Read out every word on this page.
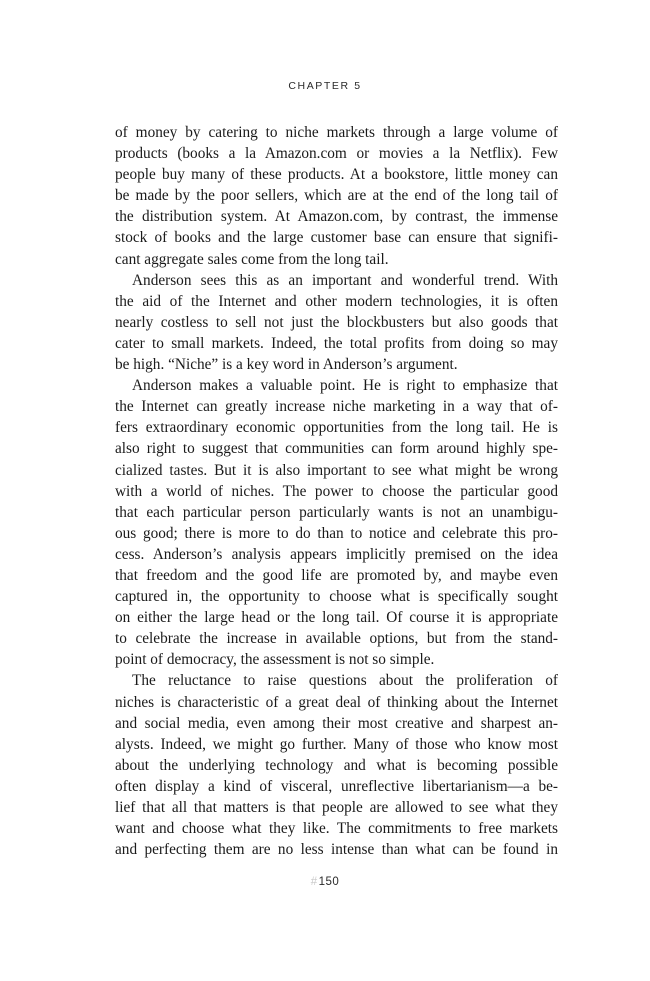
CHAPTER 5
of money by catering to niche markets through a large volume of
products (books a la Amazon.com or movies a la Netflix). Few
people buy many of these products. At a bookstore, little money can
be made by the poor sellers, which are at the end of the long tail of
the distribution system. At Amazon.com, by contrast, the immense
stock of books and the large customer base can ensure that signifi-
cant aggregate sales come from the long tail.
Anderson sees this as an important and wonderful trend. With
the aid of the Internet and other modern technologies, it is often
nearly costless to sell not just the blockbusters but also goods that
cater to small markets. Indeed, the total profits from doing so may
be high. “Niche” is a key word in Anderson’s argument.
Anderson makes a valuable point. He is right to emphasize that
the Internet can greatly increase niche marketing in a way that of-
fers extraordinary economic opportunities from the long tail. He is
also right to suggest that communities can form around highly spe-
cialized tastes. But it is also important to see what might be wrong
with a world of niches. The power to choose the particular good
that each particular person particularly wants is not an unambigu-
ous good; there is more to do than to notice and celebrate this pro-
cess. Anderson’s analysis appears implicitly premised on the idea
that freedom and the good life are promoted by, and maybe even
captured in, the opportunity to choose what is specifically sought
on either the large head or the long tail. Of course it is appropriate
to celebrate the increase in available options, but from the stand-
point of democracy, the assessment is not so simple.
The reluctance to raise questions about the proliferation of
niches is characteristic of a great deal of thinking about the Internet
and social media, even among their most creative and sharpest an-
alysts. Indeed, we might go further. Many of those who know most
about the underlying technology and what is becoming possible
often display a kind of visceral, unreflective libertarianism—a be-
lief that all that matters is that people are allowed to see what they
want and choose what they like. The commitments to free markets
and perfecting them are no less intense than what can be found in
#150
